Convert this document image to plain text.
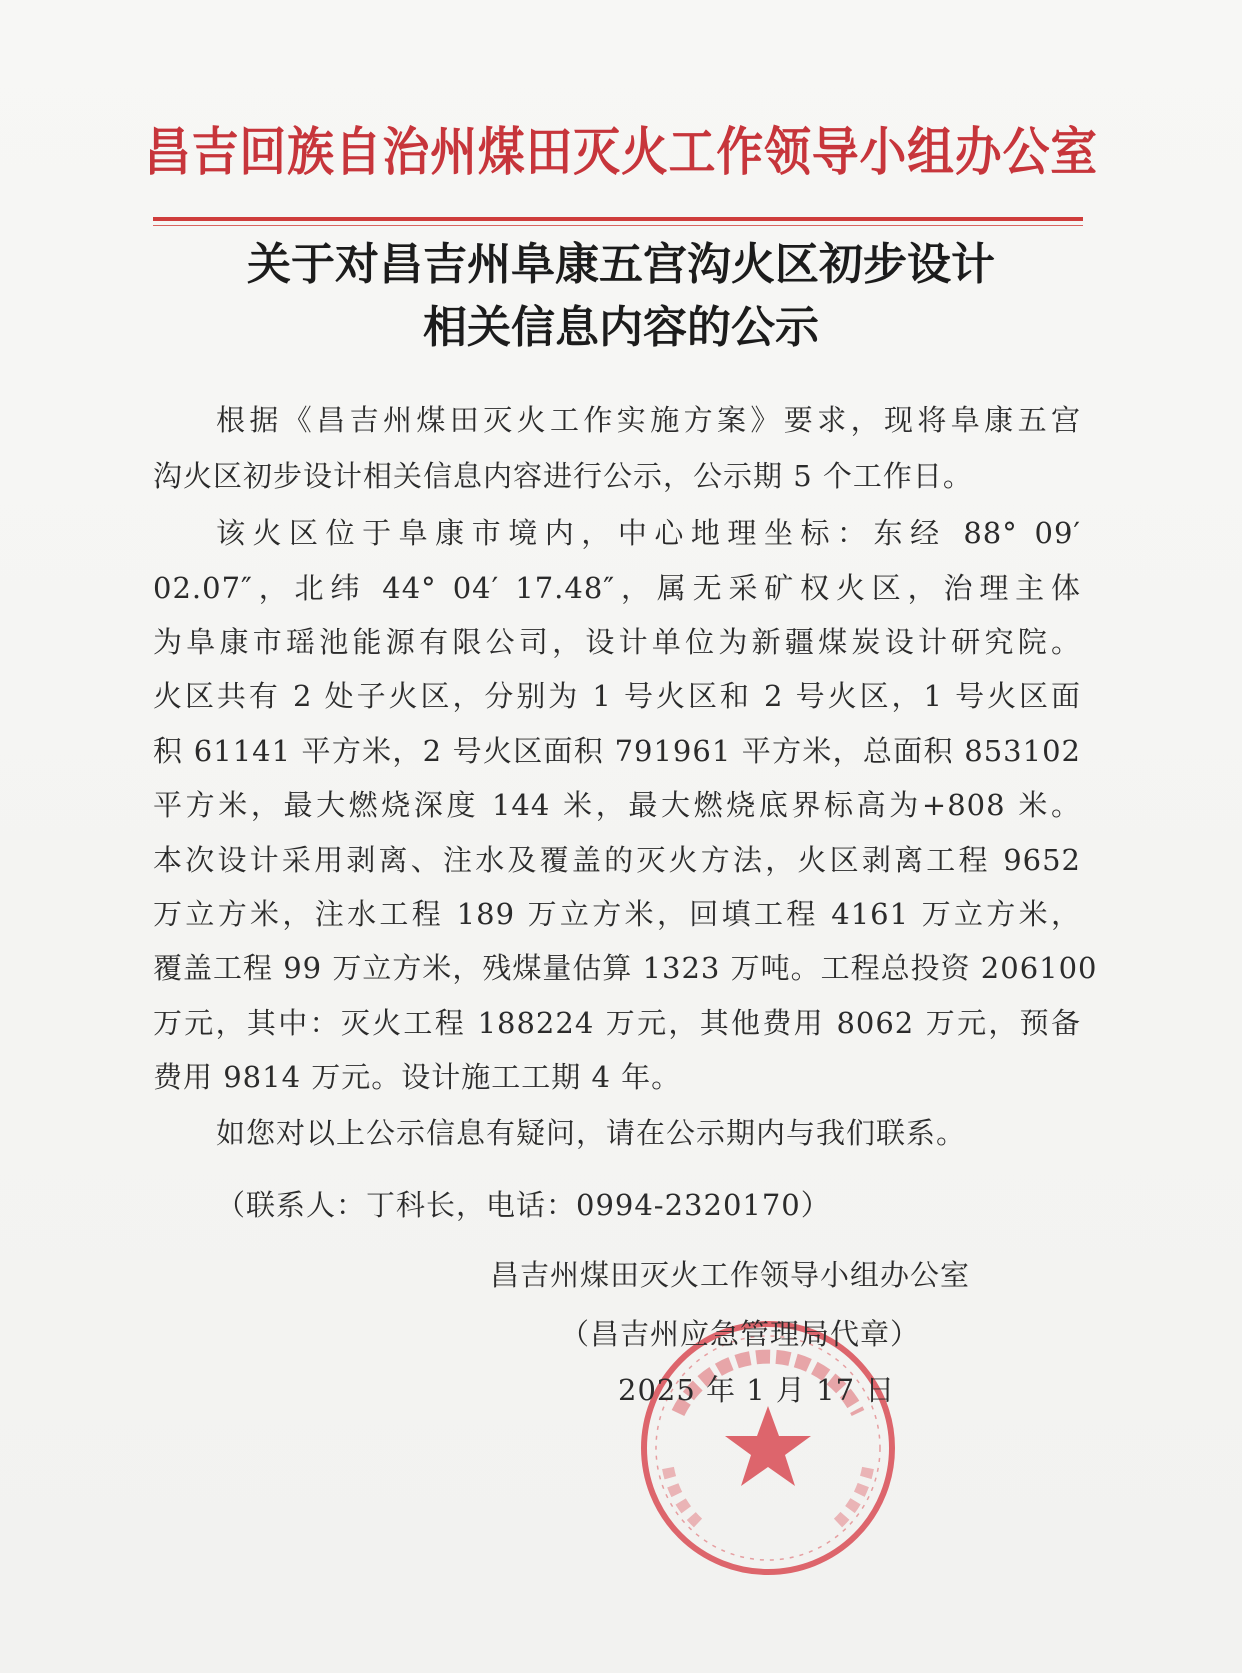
昌吉回族自治州煤田灭火工作领导小组办公室
关于对昌吉州阜康五宫沟火区初步设计
相关信息内容的公示
根据《昌吉州煤田灭火工作实施方案》要求，现将阜康五宫
沟火区初步设计相关信息内容进行公示，公示期 5 个工作日。
该火区位于阜康市境内，中心地理坐标：东经 88° 09′
02.07″，北纬 44° 04′ 17.48″，属无采矿权火区，治理主体
为阜康市瑶池能源有限公司，设计单位为新疆煤炭设计研究院。
火区共有 2 处子火区，分别为 1 号火区和 2 号火区，1 号火区面
积 61141 平方米，2 号火区面积 791961 平方米，总面积 853102
平方米，最大燃烧深度 144 米，最大燃烧底界标高为+808 米。
本次设计采用剥离、注水及覆盖的灭火方法，火区剥离工程 9652
万立方米，注水工程 189 万立方米，回填工程 4161 万立方米，
覆盖工程 99 万立方米，残煤量估算 1323 万吨。工程总投资 206100
万元，其中：灭火工程 188224 万元，其他费用 8062 万元，预备
费用 9814 万元。设计施工工期 4 年。
如您对以上公示信息有疑问，请在公示期内与我们联系。
（联系人：丁科长，电话：0994-2320170）
昌吉州煤田灭火工作领导小组办公室
（昌吉州应急管理局代章）
2025 年 1 月 17 日
